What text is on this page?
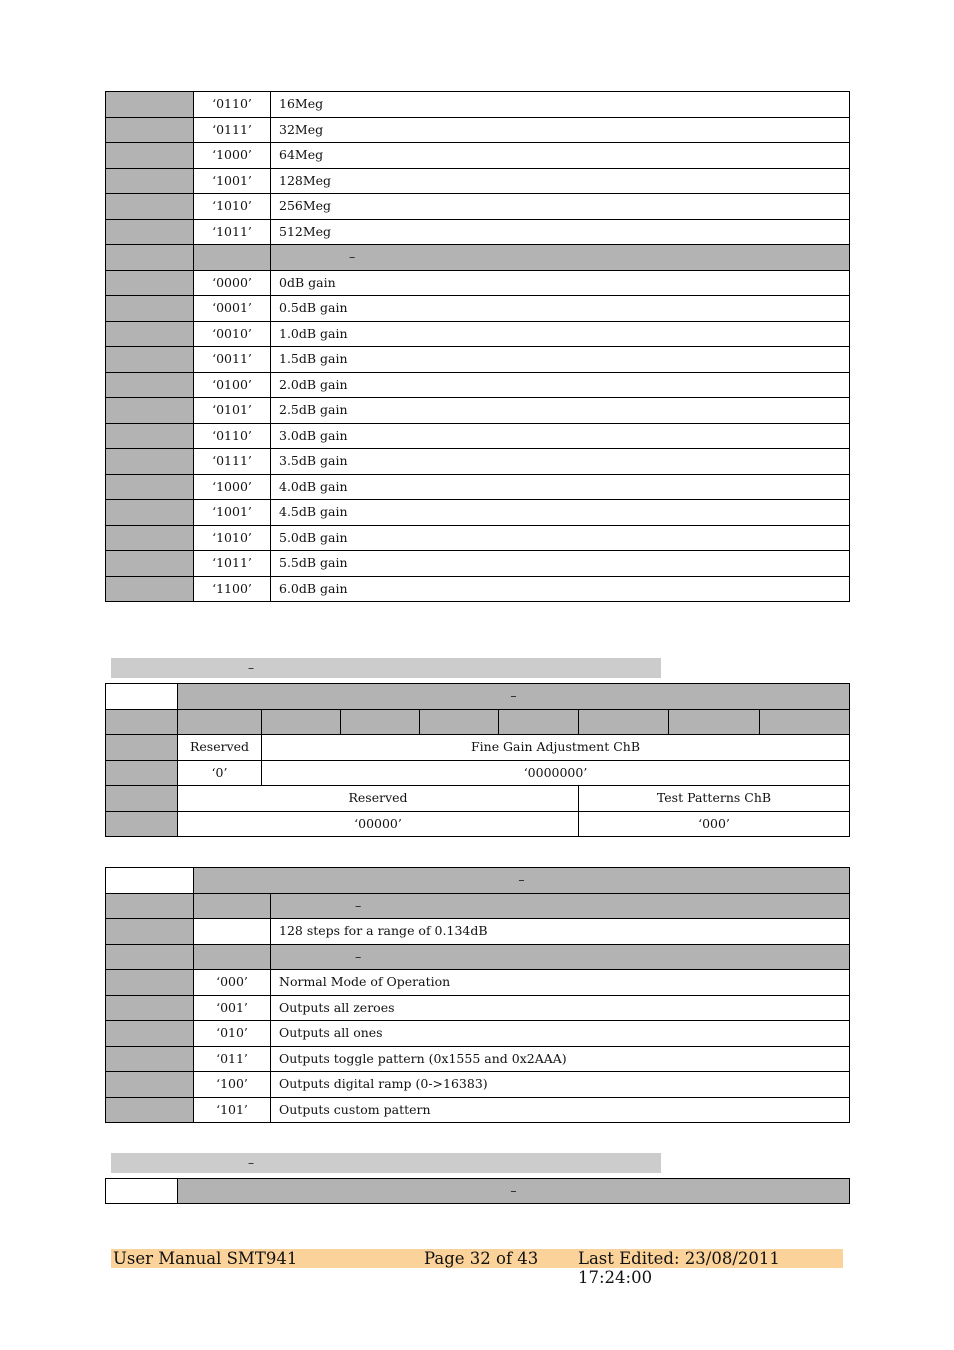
	‘0110’	16Meg
	‘0111’	32Meg
	‘1000’	64Meg
	‘1001’	128Meg
	‘1010’	256Meg
	‘1011’	512Meg
		–
	‘0000’	0dB gain
	‘0001’	0.5dB gain
	‘0010’	1.0dB gain
	‘0011’	1.5dB gain
	‘0100’	2.0dB gain
	‘0101’	2.5dB gain
	‘0110’	3.0dB gain
	‘0111’	3.5dB gain
	‘1000’	4.0dB gain
	‘1001’	4.5dB gain
	‘1010’	5.0dB gain
	‘1011’	5.5dB gain
	‘1100’	6.0dB gain
–
	–							

	Reserved	Fine Gain Adjustment ChB						
	‘0’	‘0000000’						
	Reserved					Test Patterns ChB		
	‘00000’					‘000’		
	–	
		–
		128 steps for a range of 0.134dB
		–
	‘000’	Normal Mode of Operation
	‘001’	Outputs all zeroes
	‘010’	Outputs all ones
	‘011’	Outputs toggle pattern (0x1555 and 0x2AAA)
	‘100’	Outputs digital ramp (0->16383)
	‘101’	Outputs custom pattern
–
	–
User Manual SMT941	Page 32 of 43 Last Edited: 23/08/2011 17:24:00
